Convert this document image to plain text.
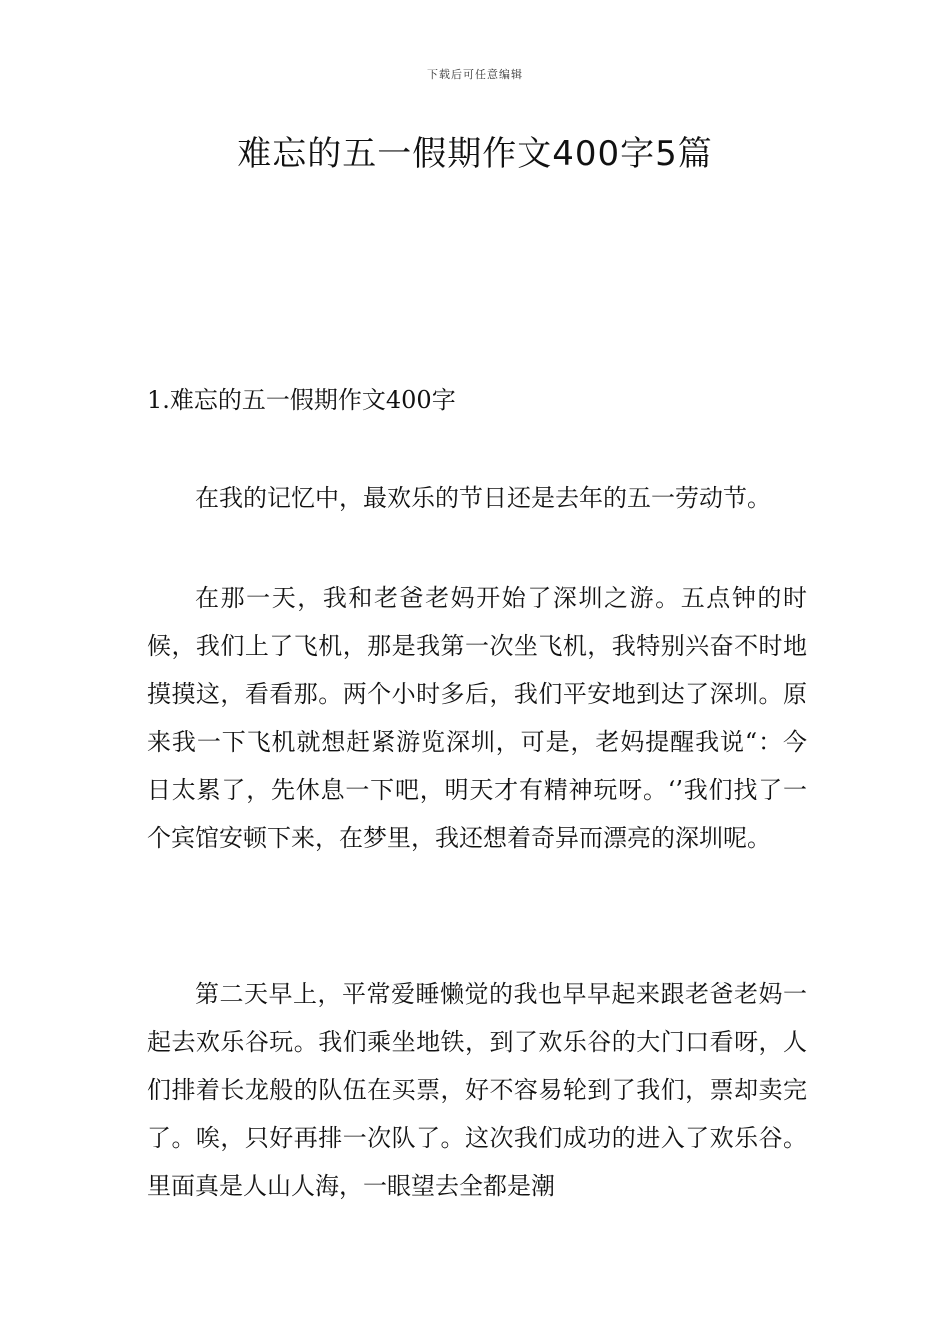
下载后可任意编辑
难忘的五一假期作文400字5篇
1.难忘的五一假期作文400字

在我的记忆中，最欢乐的节日还是去年的五一劳动节。

在那一天，我和老爸老妈开始了深圳之游。五点钟的时候，我们上了飞机，那是我第一次坐飞机，我特别兴奋不时地摸摸这，看看那。两个小时多后，我们平安地到达了深圳。原来我一下飞机就想赶紧游览深圳，可是，老妈提醒我说“：今日太累了，先休息一下吧，明天才有精神玩呀。‘’我们找了一个宾馆安顿下来，在梦里，我还想着奇异而漂亮的深圳呢。

第二天早上，平常爱睡懒觉的我也早早起来跟老爸老妈一起去欢乐谷玩。我们乘坐地铁，到了欢乐谷的大门口看呀，人们排着长龙般的队伍在买票，好不容易轮到了我们，票却卖完了。唉，只好再排一次队了。这次我们成功的进入了欢乐谷。里面真是人山人海，一眼望去全都是潮
